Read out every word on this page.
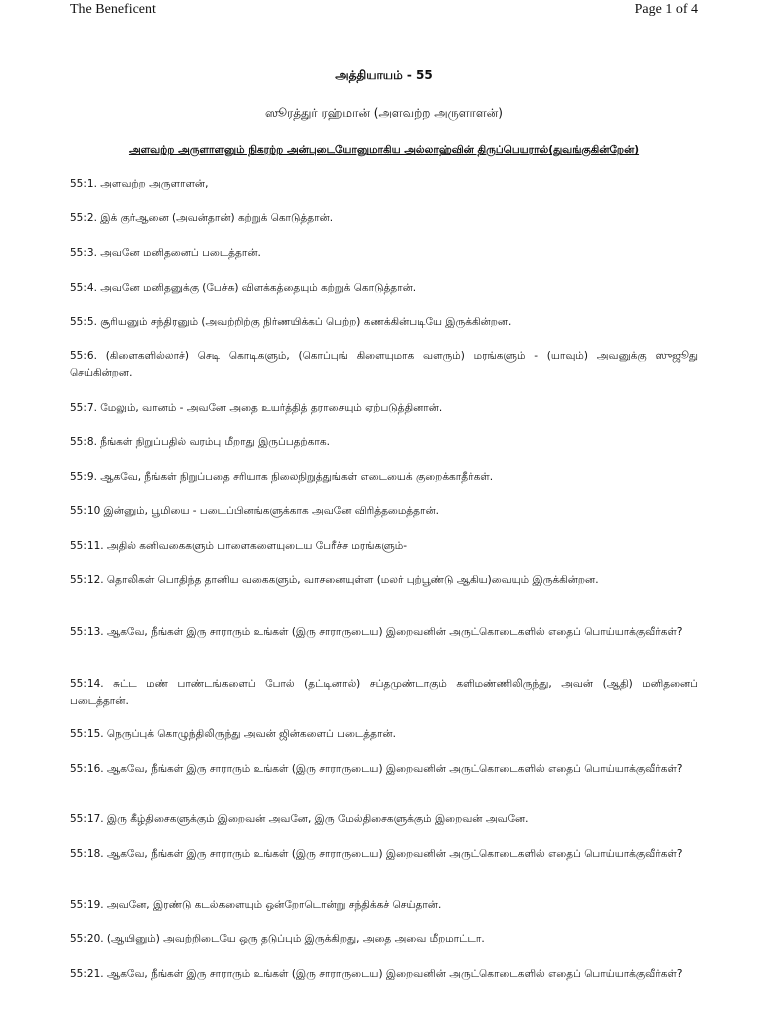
The Beneficent	Page 1 of 4
அத்தியாயம் - 55
ஸூரத்துர் ரஹ்மான் (அளவற்ற அருளாளன்)
அளவற்ற அருளாளனும் நிகரற்ற அன்புடையோனுமாகிய அல்லாஹ்வின் திருப்பெயரால்(துவங்குகின்றேன்)
55:1. அளவற்ற அருளாளன்,
55:2. இக் குர்ஆனை (அவன்தான்) கற்றுக் கொடுத்தான்.
55:3. அவனே மனிதனைப் படைத்தான்.
55:4. அவனே மனிதனுக்கு (பேச்சு) விளக்கத்தையும் கற்றுக் கொடுத்தான்.
55:5. சூரியனும் சந்திரனும் (அவற்றிற்கு நிர்ணயிக்கப் பெற்ற) கணக்கின்படியே இருக்கின்றன.
55:6. (கிளைகளில்லாச்) செடி கொடிகளும், (கொப்புங் கிளையுமாக வளரும்) மரங்களும் - (யாவும்) அவனுக்கு ஸுஜூது செய்கின்றன.
55:7. மேலும், வானம் - அவனே அதை உயர்த்தித் தராசையும் ஏற்படுத்தினான்.
55:8. நீங்கள் நிறுப்பதில் வரம்பு மீறாது இருப்பதற்காக.
55:9. ஆகவே, நீங்கள் நிறுப்பதை சரியாக நிலைநிறுத்துங்கள் எடையைக் குறைக்காதீர்கள்.
55:10 இன்னும், பூமியை - படைப்பினங்களுக்காக அவனே விரித்தமைத்தான்.
55:11. அதில் கனிவகைகளும் பாளைகளையுடைய பேரீச்ச மரங்களும்-
55:12. தொலிகள் பொதிந்த தானிய வகைகளும், வாசனையுள்ள (மலர் புற்பூண்டு ஆகிய)வையும் இருக்கின்றன.
55:13. ஆகவே, நீங்கள் இரு சாராரும் உங்கள் (இரு சாராருடைய) இறைவனின் அருட்கொடைகளில் எதைப் பொய்யாக்குவீர்கள்?
55:14. சுட்ட மண் பாண்டங்களைப் போல் (தட்டினால்) சப்தமுண்டாகும் களிமண்ணிலிருந்து, அவன் (ஆதி) மனிதனைப் படைத்தான்.
55:15. நெருப்புக் கொழுந்திலிருந்து அவன் ஜின்களைப் படைத்தான்.
55:16. ஆகவே, நீங்கள் இரு சாராரும் உங்கள் (இரு சாராருடைய) இறைவனின் அருட்கொடைகளில் எதைப் பொய்யாக்குவீர்கள்?
55:17. இரு கீழ்திசைகளுக்கும் இறைவன் அவனே, இரு மேல்திசைகளுக்கும் இறைவன் அவனே.
55:18. ஆகவே, நீங்கள் இரு சாராரும் உங்கள் (இரு சாராருடைய) இறைவனின் அருட்கொடைகளில் எதைப் பொய்யாக்குவீர்கள்?
55:19. அவனே, இரண்டு கடல்களையும் ஒன்றோடொன்று சந்திக்கச் செய்தான்.
55:20. (ஆயினும்) அவற்றிடையே ஒரு தடுப்பும் இருக்கிறது, அதை அவை மீறமாட்டா.
55:21. ஆகவே, நீங்கள் இரு சாராரும் உங்கள் (இரு சாராருடைய) இறைவனின் அருட்கொடைகளில் எதைப் பொய்யாக்குவீர்கள்?
